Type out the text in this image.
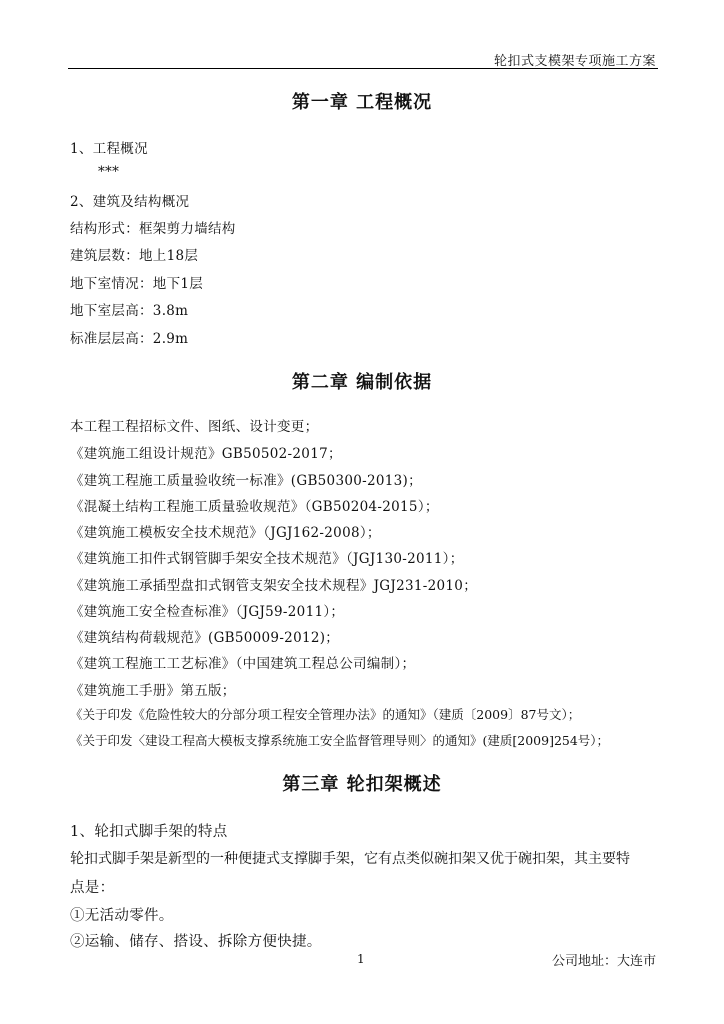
轮扣式支模架专项施工方案
第一章 工程概况
1、工程概况
***
2、建筑及结构概况
结构形式：框架剪力墙结构
建筑层数：地上18层
地下室情况：地下1层
地下室层高：3.8m
标准层层高：2.9m
第二章 编制依据
本工程工程招标文件、图纸、设计变更；
《建筑施工组设计规范》GB50502-2017；
《建筑工程施工质量验收统一标准》(GB50300-2013)；
《混凝土结构工程施工质量验收规范》（GB50204-2015）；
《建筑施工模板安全技术规范》（JGJ162-2008）；
《建筑施工扣件式钢管脚手架安全技术规范》（JGJ130-2011）；
《建筑施工承插型盘扣式钢管支架安全技术规程》JGJ231-2010；
《建筑施工安全检查标准》（JGJ59-2011）；
《建筑结构荷载规范》(GB50009-2012)；
《建筑工程施工工艺标准》（中国建筑工程总公司编制）；
《建筑施工手册》第五版；
《关于印发《危险性较大的分部分项工程安全管理办法》的通知》（建质〔2009〕87号文）；
《关于印发〈建设工程高大模板支撑系统施工安全监督管理导则〉的通知》(建质[2009]254号）；
第三章 轮扣架概述
1、轮扣式脚手架的特点
轮扣式脚手架是新型的一种便捷式支撑脚手架，它有点类似碗扣架又优于碗扣架，其主要特
点是：
①无活动零件。
②运输、储存、搭设、拆除方便快捷。
1	公司地址：大连市
